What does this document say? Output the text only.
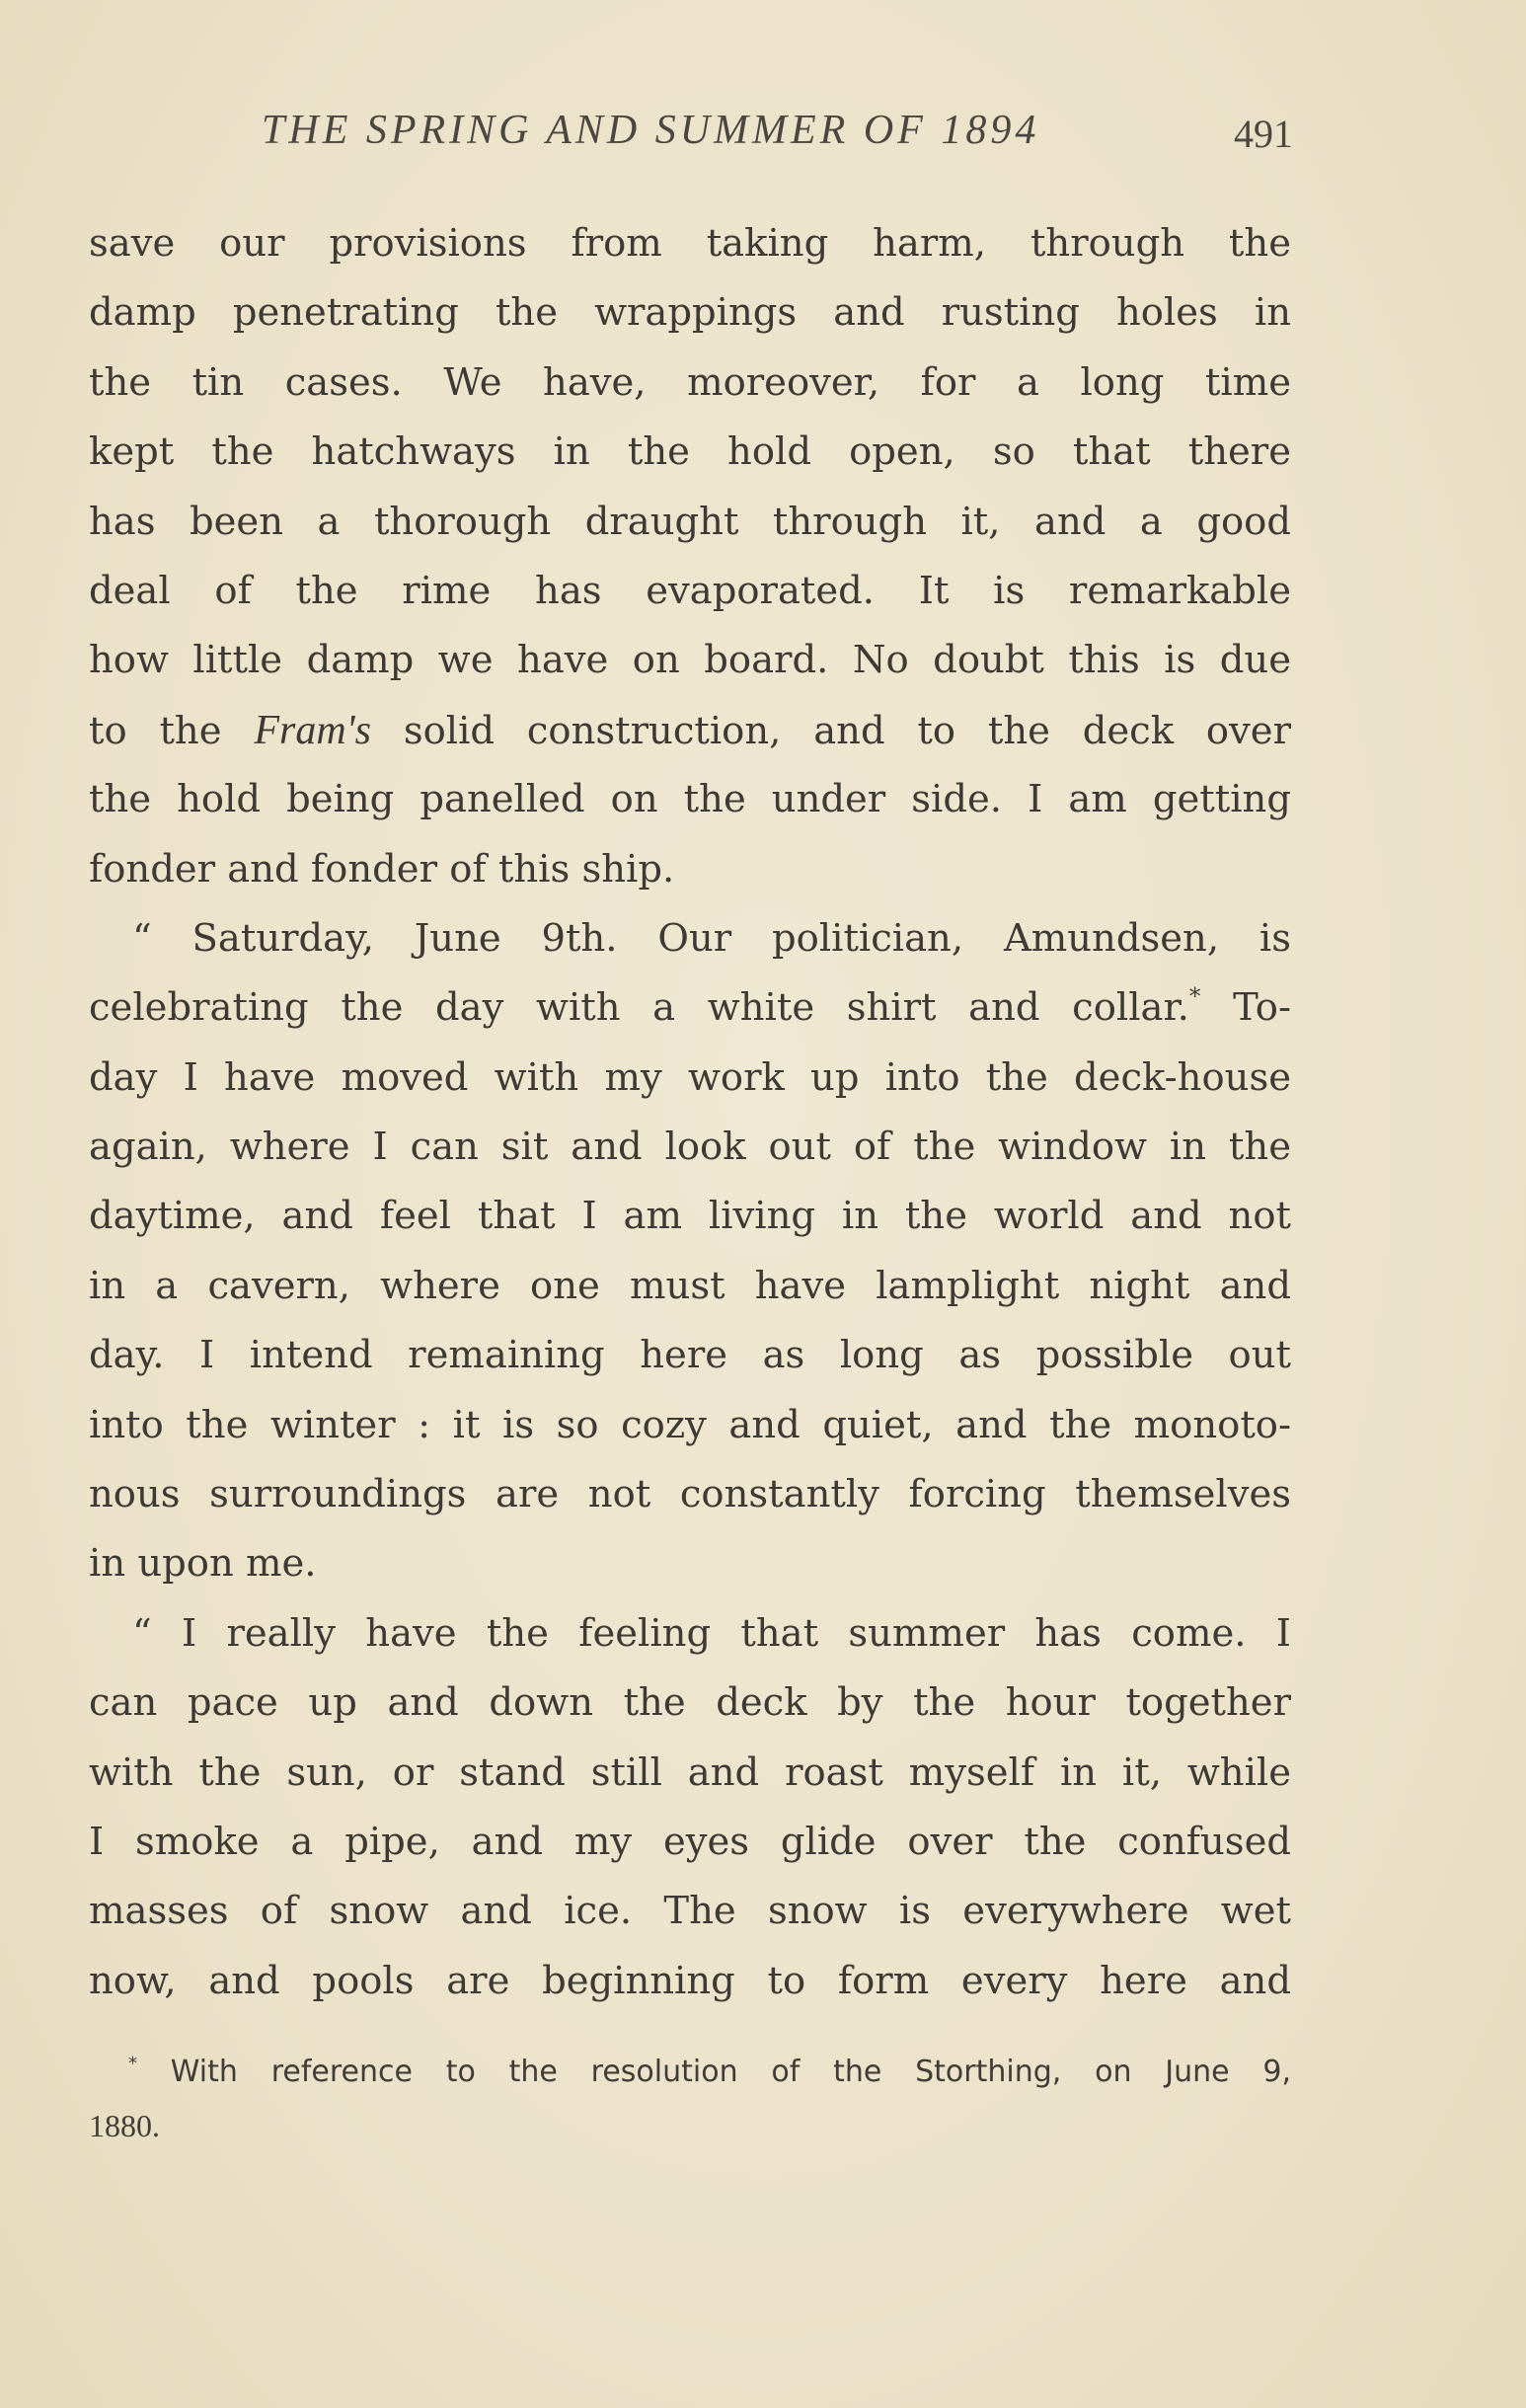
THE SPRING AND SUMMER OF 1894	491
save our provisions from taking harm, through the
damp penetrating the wrappings and rusting holes in
the tin cases. We have, moreover, for a long time
kept the hatchways in the hold open, so that there
has been a thorough draught through it, and a good
deal of the rime has evaporated. It is remarkable
how little damp we have on board. No doubt this is due
to the Fram's solid construction, and to the deck over
the hold being panelled on the under side. I am getting
fonder and fonder of this ship.
“ Saturday, June 9th. Our politician, Amundsen, is
celebrating the day with a white shirt and collar.* To-
day I have moved with my work up into the deck-house
again, where I can sit and look out of the window in the
daytime, and feel that I am living in the world and not
in a cavern, where one must have lamplight night and
day. I intend remaining here as long as possible out
into the winter : it is so cozy and quiet, and the monoto-
nous surroundings are not constantly forcing themselves
in upon me.
“ I really have the feeling that summer has come. I
can pace up and down the deck by the hour together
with the sun, or stand still and roast myself in it, while
I smoke a pipe, and my eyes glide over the confused
masses of snow and ice. The snow is everywhere wet
now, and pools are beginning to form every here and
* With reference to the resolution of the Storthing, on June 9,
1880.
